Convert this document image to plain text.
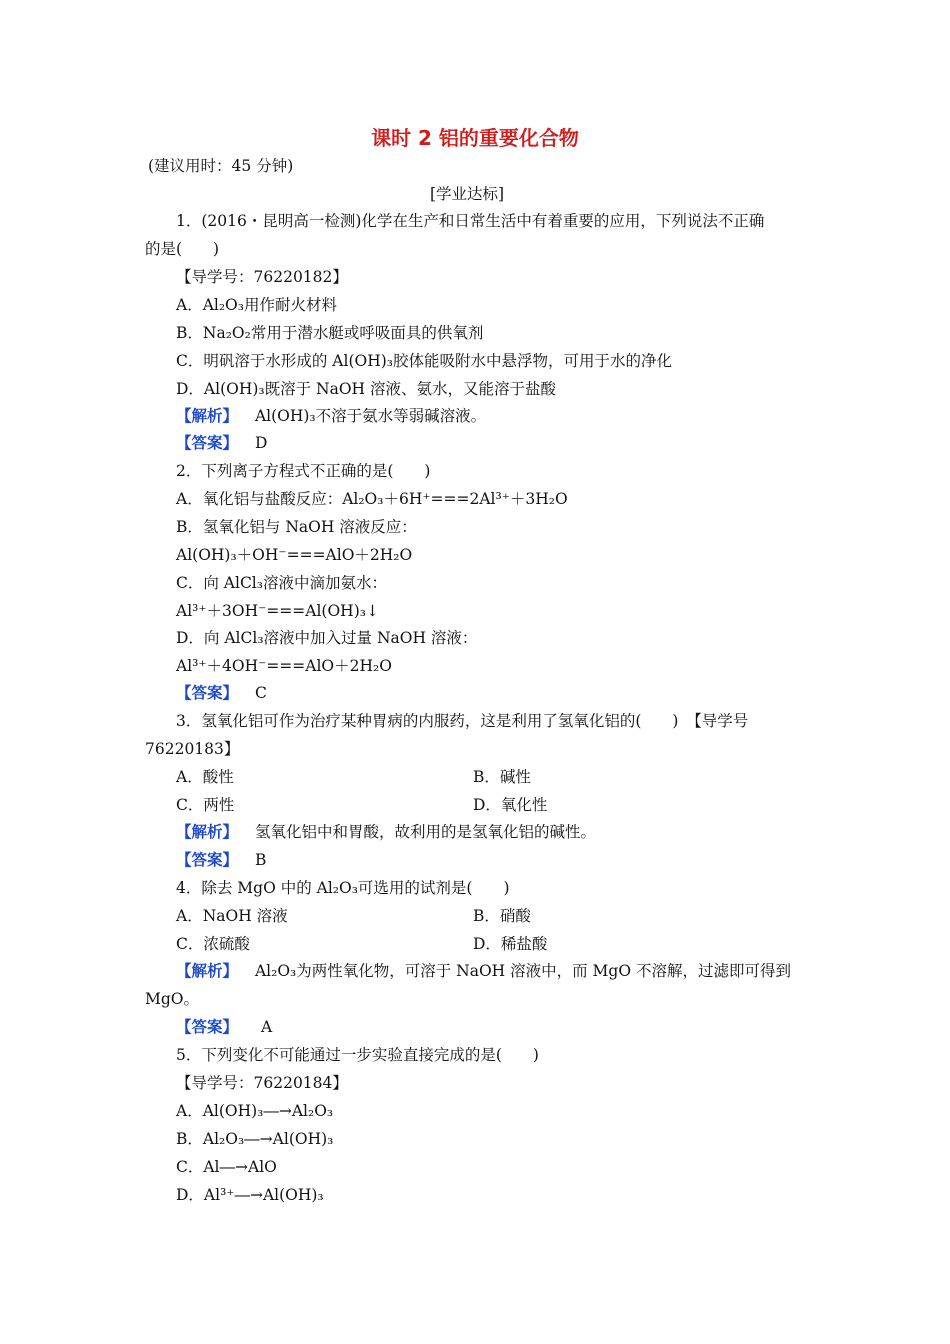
课时 2 铝的重要化合物
(建议用时：45 分钟)
[学业达标]
1．(2016・昆明高一检测)化学在生产和日常生活中有着重要的应用，下列说法不正确
的是(　　)
【导学号：76220182】
A．Al₂O₃用作耐火材料
B．Na₂O₂常用于潜水艇或呼吸面具的供氧剂
C．明矾溶于水形成的 Al(OH)₃胶体能吸附水中悬浮物，可用于水的净化
D．Al(OH)₃既溶于 NaOH 溶液、氨水，又能溶于盐酸
【解析】 Al(OH)₃不溶于氨水等弱碱溶液。
【答案】 D
2．下列离子方程式不正确的是(　　)
A．氧化铝与盐酸反应：Al₂O₃＋6H⁺===2Al³⁺＋3H₂O
B．氢氧化铝与 NaOH 溶液反应：
Al(OH)₃＋OH⁻===AlO＋2H₂O
C．向 AlCl₃溶液中滴加氨水：
Al³⁺＋3OH⁻===Al(OH)₃↓
D．向 AlCl₃溶液中加入过量 NaOH 溶液：
Al³⁺＋4OH⁻===AlO＋2H₂O
【答案】 C
3．氢氧化铝可作为治疗某种胃病的内服药，这是利用了氢氧化铝的(　　)　【导学号
76220183】
A．酸性	B．碱性
C．两性	D．氧化性
【解析】 氢氧化铝中和胃酸，故利用的是氢氧化铝的碱性。
【答案】 B
4．除去 MgO 中的 Al₂O₃可选用的试剂是(　　)
A．NaOH 溶液	B．硝酸
C．浓硫酸	D．稀盐酸
【解析】 Al₂O₃为两性氧化物，可溶于 NaOH 溶液中，而 MgO 不溶解，过滤即可得到
MgO。
【答案】 A
5．下列变化不可能通过一步实验直接完成的是(　　)
【导学号：76220184】
A．Al(OH)₃―→Al₂O₃
B．Al₂O₃―→Al(OH)₃
C．Al―→AlO
D．Al³⁺―→Al(OH)₃
